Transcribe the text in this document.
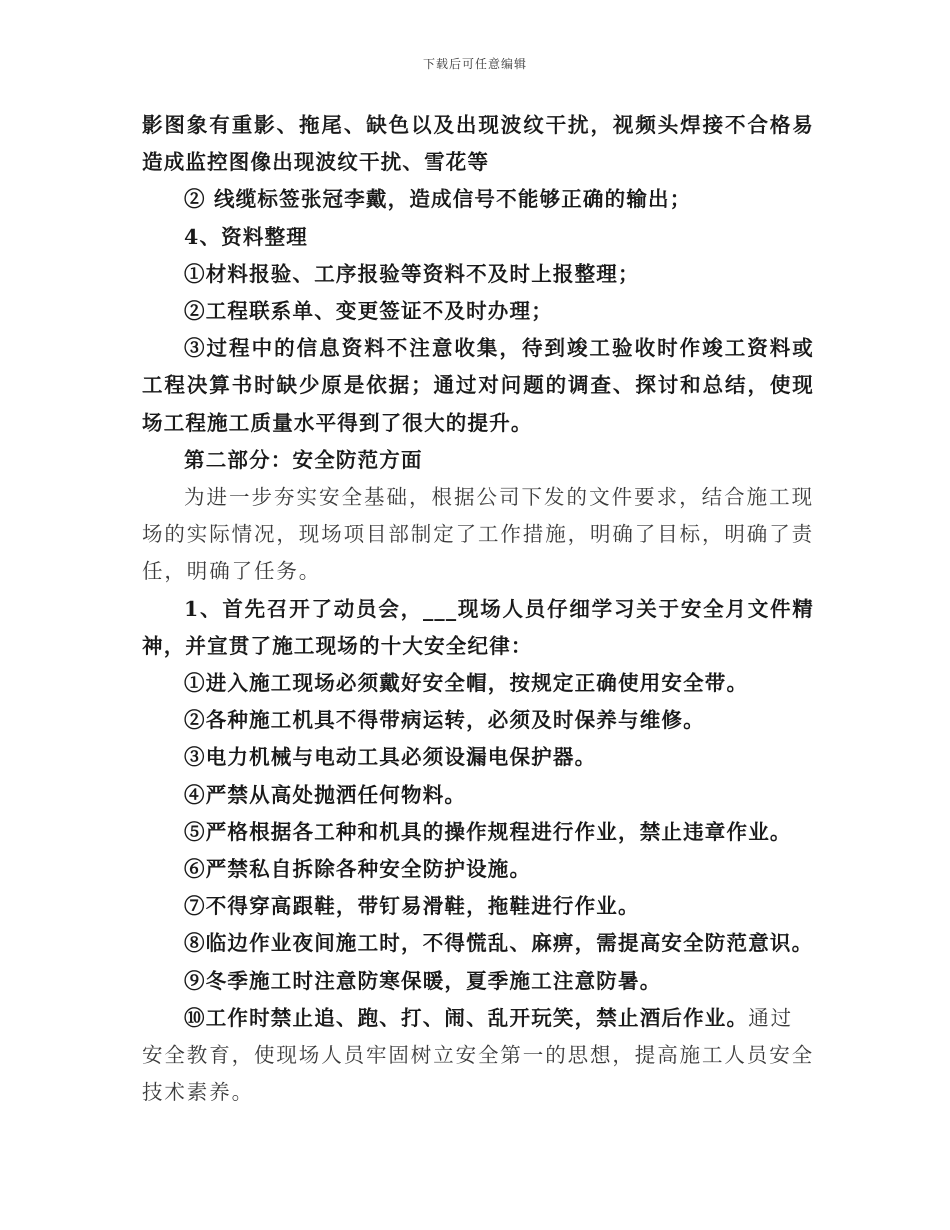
下载后可任意编辑
影图象有重影、拖尾、缺色以及出现波纹干扰，视频头焊接不合格易
造成监控图像出现波纹干扰、雪花等
② 线缆标签张冠李戴，造成信号不能够正确的输出；
4、资料整理
①材料报验、工序报验等资料不及时上报整理；
②工程联系单、变更签证不及时办理；
③过程中的信息资料不注意收集，待到竣工验收时作竣工资料或
工程决算书时缺少原是依据；通过对问题的调查、探讨和总结，使现
场工程施工质量水平得到了很大的提升。
第二部分：安全防范方面
为进一步夯实安全基础，根据公司下发的文件要求，结合施工现
场的实际情况，现场项目部制定了工作措施，明确了目标，明确了责
任，明确了任务。
1、首先召开了动员会，___现场人员仔细学习关于安全月文件精
神，并宣贯了施工现场的十大安全纪律：
①进入施工现场必须戴好安全帽，按规定正确使用安全带。
②各种施工机具不得带病运转，必须及时保养与维修。
③电力机械与电动工具必须设漏电保护器。
④严禁从高处抛洒任何物料。
⑤严格根据各工种和机具的操作规程进行作业，禁止违章作业。
⑥严禁私自拆除各种安全防护设施。
⑦不得穿高跟鞋，带钉易滑鞋，拖鞋进行作业。
⑧临边作业夜间施工时，不得慌乱、麻痹，需提高安全防范意识。
⑨冬季施工时注意防寒保暖，夏季施工注意防暑。
⑩工作时禁止追、跑、打、闹、乱开玩笑，禁止酒后作业。通过
安全教育，使现场人员牢固树立安全第一的思想，提高施工人员安全
技术素养。
